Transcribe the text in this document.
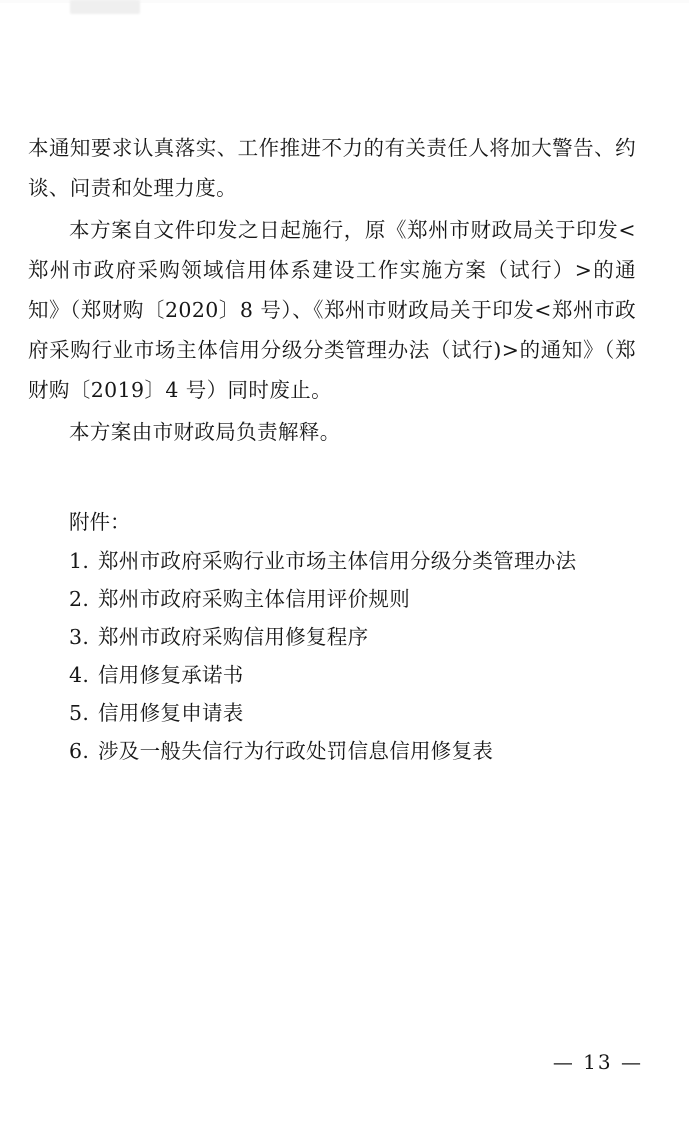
本通知要求认真落实、工作推进不力的有关责任人将加大警告、约谈、问责和处理力度。

本方案自文件印发之日起施行，原《郑州市财政局关于印发<郑州市政府采购领域信用体系建设工作实施方案（试行）>的通知》（郑财购〔2020〕8 号）、《郑州市财政局关于印发<郑州市政府采购行业市场主体信用分级分类管理办法（试行)>的通知》（郑财购〔2019〕4 号）同时废止。

本方案由市财政局负责解释。

附件：

1. 郑州市政府采购行业市场主体信用分级分类管理办法
2. 郑州市政府采购主体信用评价规则
3. 郑州市政府采购信用修复程序
4. 信用修复承诺书
5. 信用修复申请表
6. 涉及一般失信行为行政处罚信息信用修复表
— 13 —
